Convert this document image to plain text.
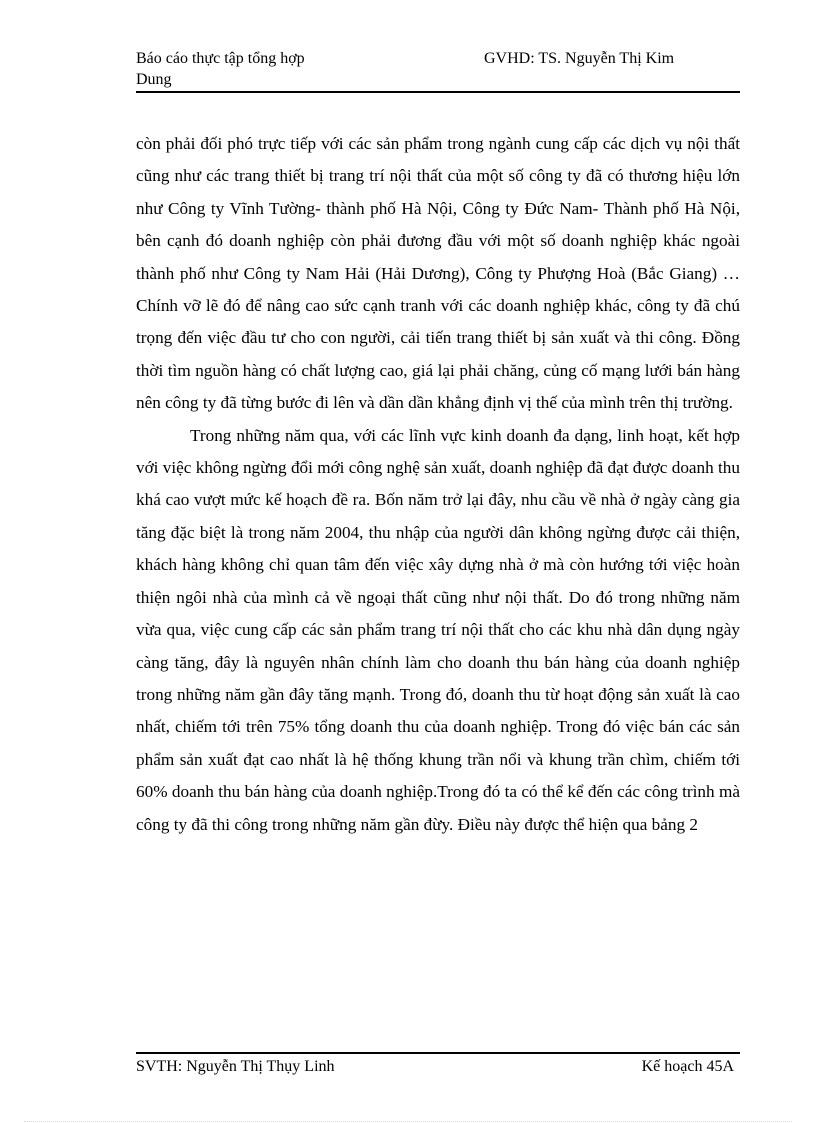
Báo cáo thực tập tổng hợp	GVHD: TS. Nguyễn Thị Kim
Dung

còn phải đối phó trực tiếp với các sản phẩm trong ngành cung cấp các dịch vụ nội thất cũng như các trang thiết bị trang trí nội thất của một số công ty đã có thương hiệu lớn như Công ty Vĩnh Tường- thành phố Hà Nội, Công ty Đức Nam- Thành phố Hà Nội, bên cạnh đó doanh nghiệp còn phải đương đầu với một số doanh nghiệp khác ngoài thành phố như Công ty Nam Hải (Hải Dương), Công ty Phượng Hoà (Bắc Giang) …Chính vỡ lẽ đó để nâng cao sức cạnh tranh với các doanh nghiệp khác, công ty đã chú trọng đến việc đầu tư cho con người, cải tiến trang thiết bị sản xuất và thi công. Đồng thời tìm nguồn hàng có chất lượng cao, giá lại phải chăng, củng cố mạng lưới bán hàng nên công ty đã từng bước đi lên và dần dần khẳng định vị thế của mình trên thị trường.

Trong những năm qua, với các lĩnh vực kinh doanh đa dạng, linh hoạt, kết hợp với việc không ngừng đổi mới công nghệ sản xuất, doanh nghiệp đã đạt được doanh thu khá cao vượt mức kế hoạch đề ra. Bốn năm trở lại đây, nhu cầu về nhà ở ngày càng gia tăng đặc biệt là trong năm 2004, thu nhập của người dân không ngừng được cải thiện, khách hàng không chỉ quan tâm đến việc xây dựng nhà ở mà còn hướng tới việc hoàn thiện ngôi nhà của mình cả về ngoại thất cũng như nội thất. Do đó trong những năm vừa qua, việc cung cấp các sản phẩm trang trí nội thất cho các khu nhà dân dụng ngày càng tăng, đây là nguyên nhân chính làm cho doanh thu bán hàng của doanh nghiệp trong những năm gần đây tăng mạnh. Trong đó, doanh thu từ hoạt động sản xuất là cao nhất, chiếm tới trên 75% tổng doanh thu của doanh nghiệp. Trong đó việc bán các sản phẩm sản xuất đạt cao nhất là hệ thống khung trần nổi và khung trần chìm, chiếm tới 60% doanh thu bán hàng của doanh nghiệp.Trong đó ta có thể kể đến các công trình mà công ty đã thi công trong những năm gần đừy. Điều này được thể hiện qua bảng 2

SVTH: Nguyễn Thị Thụy Linh	Kế hoạch 45A
